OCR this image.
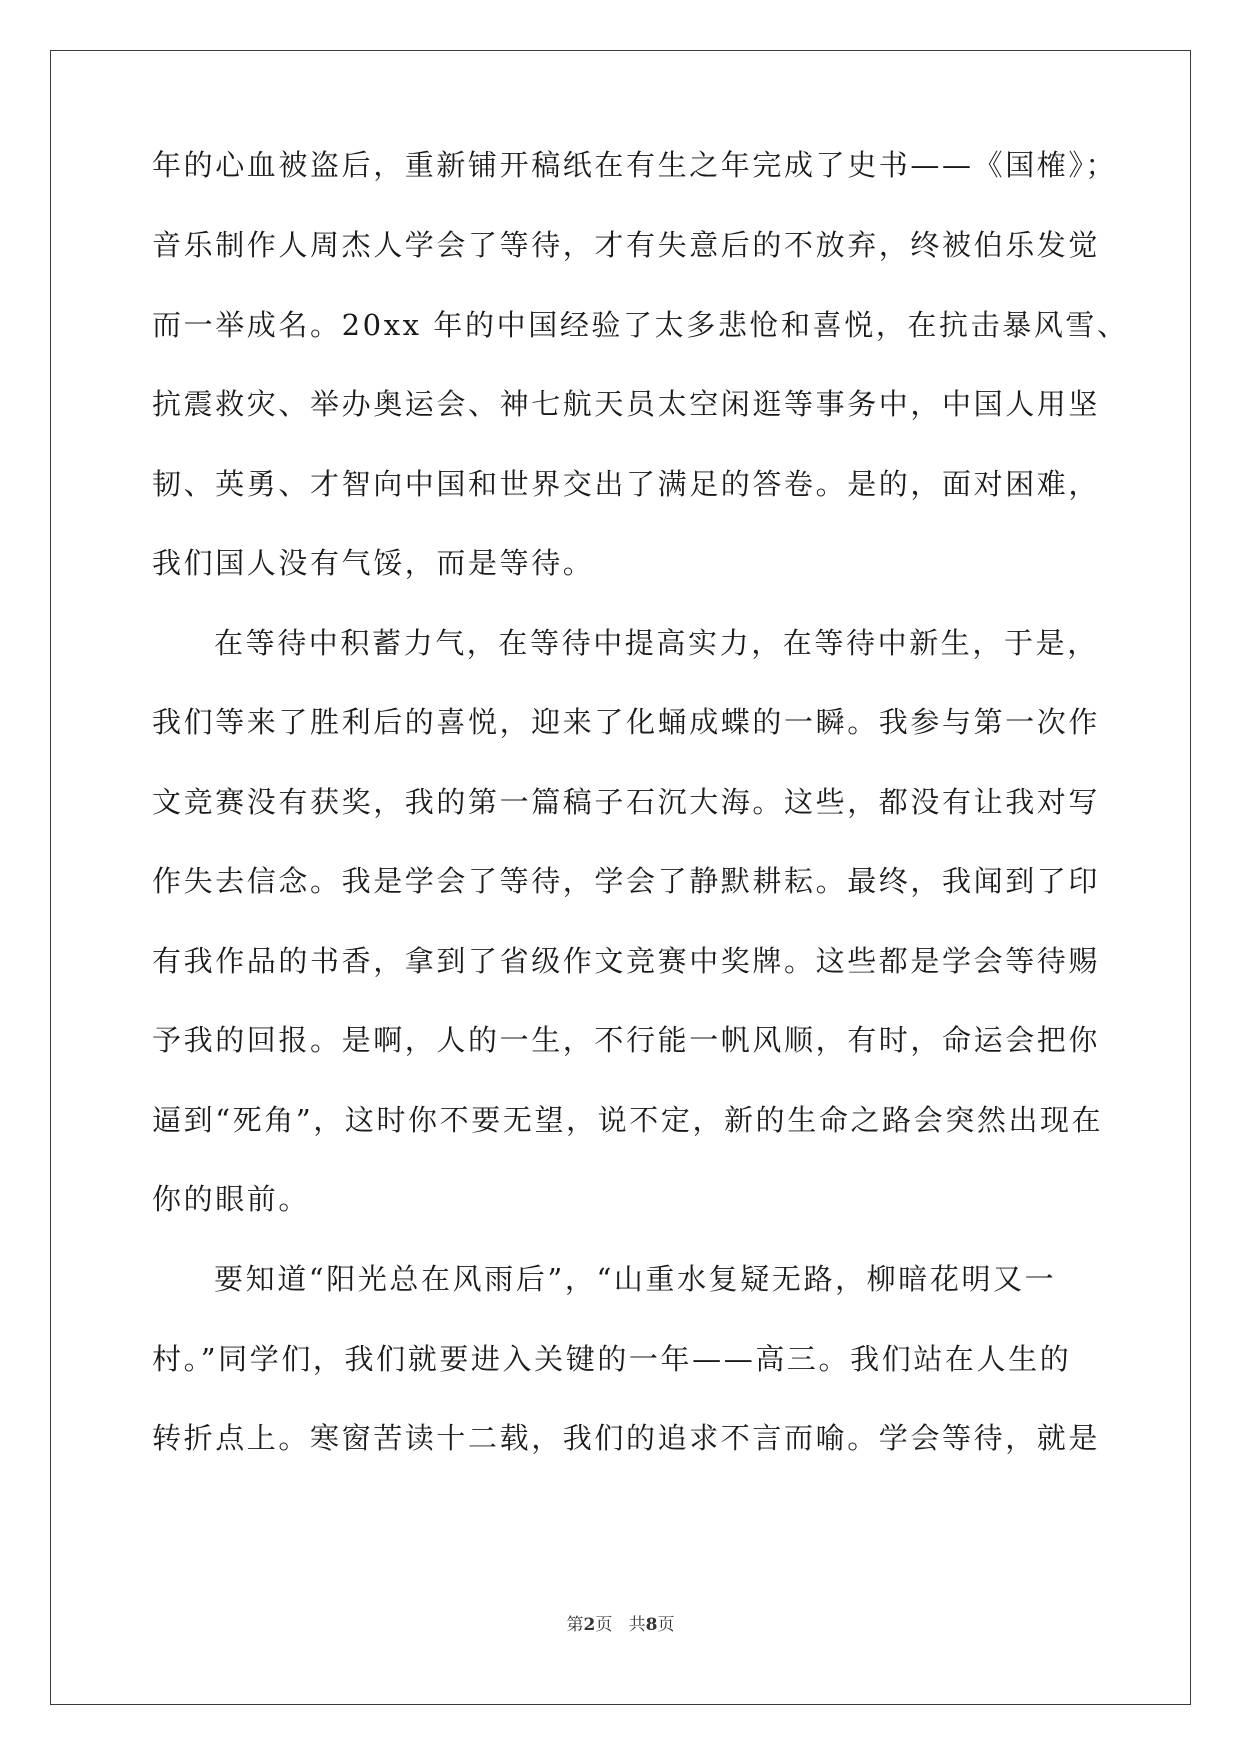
年的心血被盗后，重新铺开稿纸在有生之年完成了史书——《国榷》；
音乐制作人周杰人学会了等待，才有失意后的不放弃，终被伯乐发觉
而一举成名。20xx 年的中国经验了太多悲怆和喜悦，在抗击暴风雪、
抗震救灾、举办奥运会、神七航天员太空闲逛等事务中，中国人用坚
韧、英勇、才智向中国和世界交出了满足的答卷。是的，面对困难，
我们国人没有气馁，而是等待。
在等待中积蓄力气，在等待中提高实力，在等待中新生，于是，
我们等来了胜利后的喜悦，迎来了化蛹成蝶的一瞬。我参与第一次作
文竞赛没有获奖，我的第一篇稿子石沉大海。这些，都没有让我对写
作失去信念。我是学会了等待，学会了静默耕耘。最终，我闻到了印
有我作品的书香，拿到了省级作文竞赛中奖牌。这些都是学会等待赐
予我的回报。是啊，人的一生，不行能一帆风顺，有时，命运会把你
逼到“死角”，这时你不要无望，说不定，新的生命之路会突然出现在
你的眼前。
要知道“阳光总在风雨后”，“山重水复疑无路，柳暗花明又一
村。”同学们，我们就要进入关键的一年——高三。我们站在人生的
转折点上。寒窗苦读十二载，我们的追求不言而喻。学会等待，就是
第2页 共8页
